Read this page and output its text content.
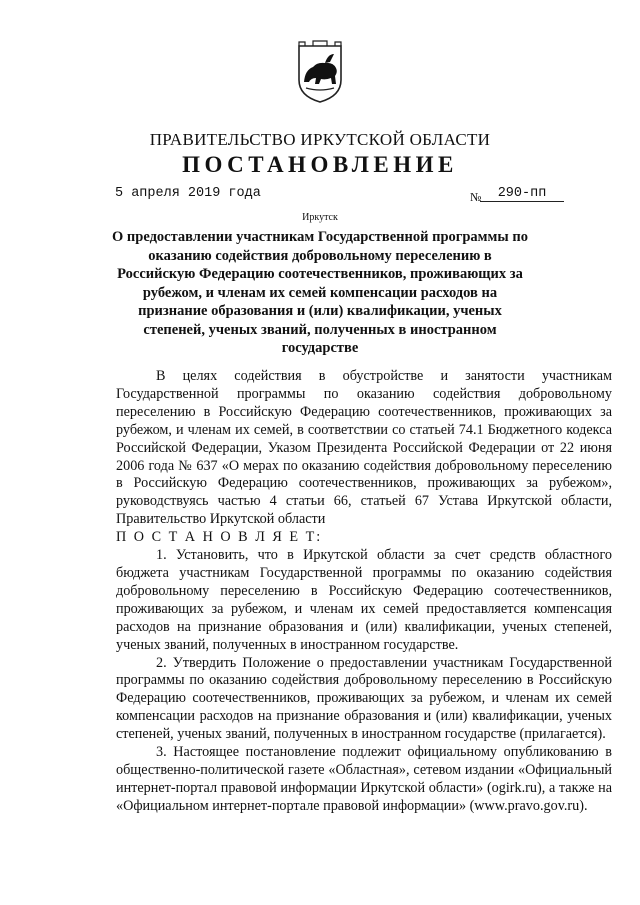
ПРАВИТЕЛЬСТВО ИРКУТСКОЙ ОБЛАСТИ
ПОСТАНОВЛЕНИЕ
5 апреля 2019 года	№	290-пп
Иркутск
О предоставлении участникам Государственной программы по оказанию содействия добровольному переселению в Российскую Федерацию соотечественников, проживающих за рубежом, и членам их семей компенсации расходов на признание образования и (или) квалификации, ученых степеней, ученых званий, полученных в иностранном государстве

В целях содействия в обустройстве и занятости участникам Государственной программы по оказанию содействия добровольному переселению в Российскую Федерацию соотечественников, проживающих за рубежом, и членам их семей, в соответствии со статьей 74.1 Бюджетного кодекса Российской Федерации, Указом Президента Российской Федерации от 22 июня 2006 года № 637 «О мерах по оказанию содействия добровольному переселению в Российскую Федерацию соотечественников, проживающих за рубежом», руководствуясь частью 4 статьи 66, статьей 67 Устава Иркутской области, Правительство Иркутской области

П О С Т А Н О В Л Я Е Т:

1. Установить, что в Иркутской области за счет средств областного бюджета участникам Государственной программы по оказанию содействия добровольному переселению в Российскую Федерацию соотечественников, проживающих за рубежом, и членам их семей предоставляется компенсация расходов на признание образования и (или) квалификации, ученых степеней, ученых званий, полученных в иностранном государстве.

2. Утвердить Положение о предоставлении участникам Государственной программы по оказанию содействия добровольному переселению в Российскую Федерацию соотечественников, проживающих за рубежом, и членам их семей компенсации расходов на признание образования и (или) квалификации, ученых степеней, ученых званий, полученных в иностранном государстве (прилагается).

3. Настоящее постановление подлежит официальному опубликованию в общественно-политической газете «Областная», сетевом издании «Официальный интернет-портал правовой информации Иркутской области» (ogirk.ru), а также на «Официальном интернет-портале правовой информации» (www.pravo.gov.ru).
